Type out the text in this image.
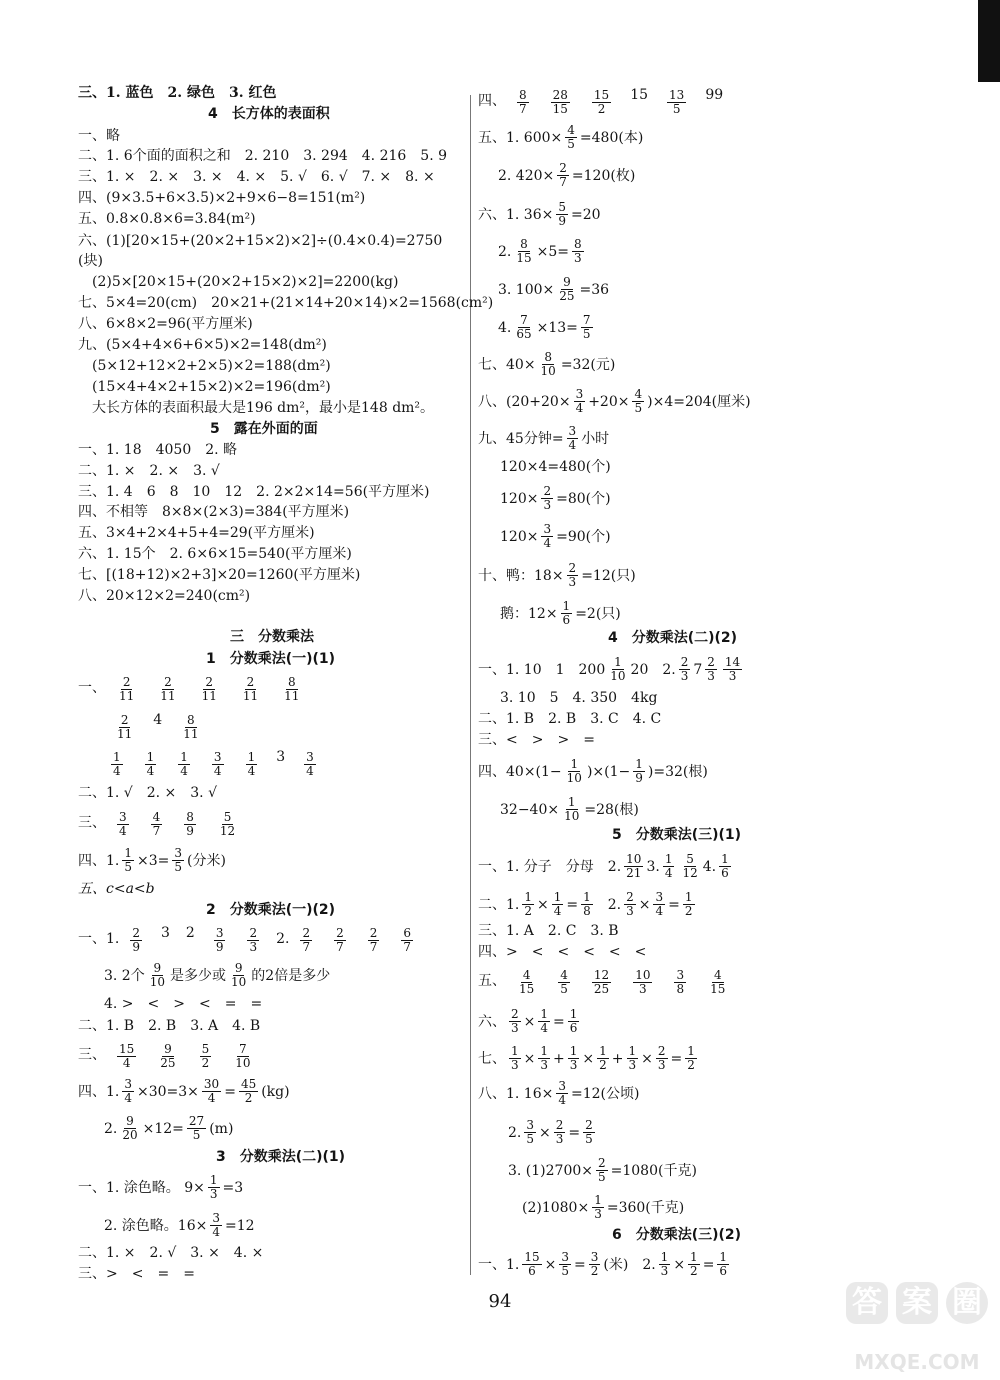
三、1. 蓝色　2. 绿色　3. 红色
4　长方体的表面积
一、略
二、1. 6个面的面积之和　2. 210　3. 294　4. 216　5. 9
三、1. ×　2. ×　3. ×　4. ×　5. √　6. √　7. ×　8. ×
四、(9×3.5+6×3.5)×2+9×6−8=151(m²)
五、0.8×0.8×6=3.84(m²)
六、(1)[20×15+(20×2+15×2)×2]÷(0.4×0.4)=2750
(块)
(2)5×[20×15+(20×2+15×2)×2]=2200(kg)
七、5×4=20(cm)　20×21+(21×14+20×14)×2=1568(cm²)
八、6×8×2=96(平方厘米)
九、(5×4+4×6+6×5)×2=148(dm²)
(5×12+12×2+2×5)×2=188(dm²)
(15×4+4×2+15×2)×2=196(dm²)
大长方体的表面积最大是196 dm²，最小是148 dm²。
5　露在外面的面
一、1. 18　4050　2. 略
二、1. ×　2. ×　3. √
三、1. 4　6　8　10　12　2. 2×2×14=56(平方厘米)
四、不相等　8×8×(2×3)=384(平方厘米)
五、3×4+2×4+5+4=29(平方厘米)
六、1. 15个　2. 6×6×15=540(平方厘米)
七、[(18+12)×2+3]×20=1260(平方厘米)
八、20×12×2=240(cm²)
三　分数乘法
1　分数乘法(一)(1)
一、 $\frac{2}{11} \frac{2}{11} \frac{2}{11} \frac{2}{11} \frac{8}{11}$
$\frac{2}{11} 4 \frac{8}{11}$
$\frac{1}{4} \frac{1}{4} \frac{1}{4} \frac{3}{4} \frac{1}{4} 3 \frac{3}{4}$
二、1. √　2. ×　3. √
三、 $\frac{3}{4} \frac{4}{7} \frac{8}{9} \frac{5}{12}$
四、1. $\frac{1}{5} \times 3= \frac{3}{5}$ (分米)
五、c<a<b
2　分数乘法(一)(2)
一、1. $\frac{2}{9} 3$ $2 \frac{3}{9} \frac{2}{3} 2$. $\frac{2}{7} \frac{2}{7} \frac{2}{7} \frac{6}{7}$
3. 2个 $\frac{9}{10}$ 是多少或 $\frac{9}{10}$ 的2倍是多少
4. >　<　>　<　=　=
二、1. B　2. B　3. A　4. B
三、 $\frac{15}{4} \frac{9}{25} \frac{5}{2} \frac{7}{10}$
四、1. $\frac{3}{4} \times 30=3\times \frac{30}{4} = \frac{45}{2} (kg)$
2. $\frac{9}{20} \times 12= \frac{27}{5} (m)$
3　分数乘法(二)(1)
一、1. 涂色略。 $9\times \frac{1}{3} =3$
2. 涂色略。$16\times \frac{3}{4} =12$
二、1. ×　2. √　3. ×　4. ×
三、>　<　=　=
四、 $\frac{8}{7} \frac{28}{15} \frac{15}{2} 15 \frac{13}{5} 99$
五、1. $600\times \frac{4}{5} =480$(本)
2. $420\times \frac{2}{7} =120$(枚)
六、1. $36\times \frac{5}{9} =20$
2. $\frac{8}{15} \times 5= \frac{8}{3}$
3. $100\times \frac{9}{25} =36$
4. $\frac{7}{65} \times 13= \frac{7}{5}$
七、$40\times \frac{8}{10} =32$(元)
八、$(20+20\times \frac{3}{4} +20\times \frac{4}{5} )\times 4=204$(厘米)
九、45分钟= $\frac{3}{4}$ 小时
120×4=480(个)
$120\times \frac{2}{3} =80$(个)
$120\times \frac{3}{4} =90$(个)
十、鸭：$18\times \frac{2}{3} =12$(只)
鹅：$12\times \frac{1}{6} =2$(只)
4　分数乘法(二)(2)
一、1. 10　1　$200 \frac{1}{10} 20$　2. $\frac{2}{3} 7 \frac{2}{3} \frac{14}{3}$
3. 10　5　4. 350　4kg
二、1. B　2. B　3. C　4. C
三、<　>　>　=
四、$40\times(1- \frac{1}{10} )\times(1- \frac{1}{9} )=32$(根)
$32-40\times \frac{1}{10} =28$(根)
5　分数乘法(三)(1)
一、1. 分子　分母　2. $\frac{10}{21} 3$. $\frac{1}{4} \frac{5}{12} 4$. $\frac{1}{6}$
二、1. $\frac{1}{2} \times \frac{1}{4} = \frac{1}{8} 2$. $\frac{2}{3} \times \frac{3}{4} = \frac{1}{2}$
三、1. A　2. C　3. B
四、>　<　<　<　<　<
五、 $\frac{4}{15} \frac{4}{5} \frac{12}{25} \frac{10}{3} \frac{3}{8} \frac{4}{15}$
六、 $\frac{2}{3} \times \frac{1}{4} = \frac{1}{6}$
七、 $\frac{1}{3} \times \frac{1}{3} + \frac{1}{3} \times \frac{1}{2} + \frac{1}{3} \times \frac{2}{3} = \frac{1}{2}$
八、1. $16\times \frac{3}{4} =12$(公顷)
2. $\frac{3}{5} \times \frac{2}{3} = \frac{2}{5}$
3. $(1)2700\times \frac{2}{5} =1080$(千克)
$(2)1080\times \frac{1}{3} =360$(千克)
6　分数乘法(三)(2)
一、1. $\frac{15}{6} \times \frac{3}{5} = \frac{3}{2}$ (米)　2. $\frac{1}{3} \times \frac{1}{2} = \frac{1}{6}$
94	答 案 圈
MXQE.COM
